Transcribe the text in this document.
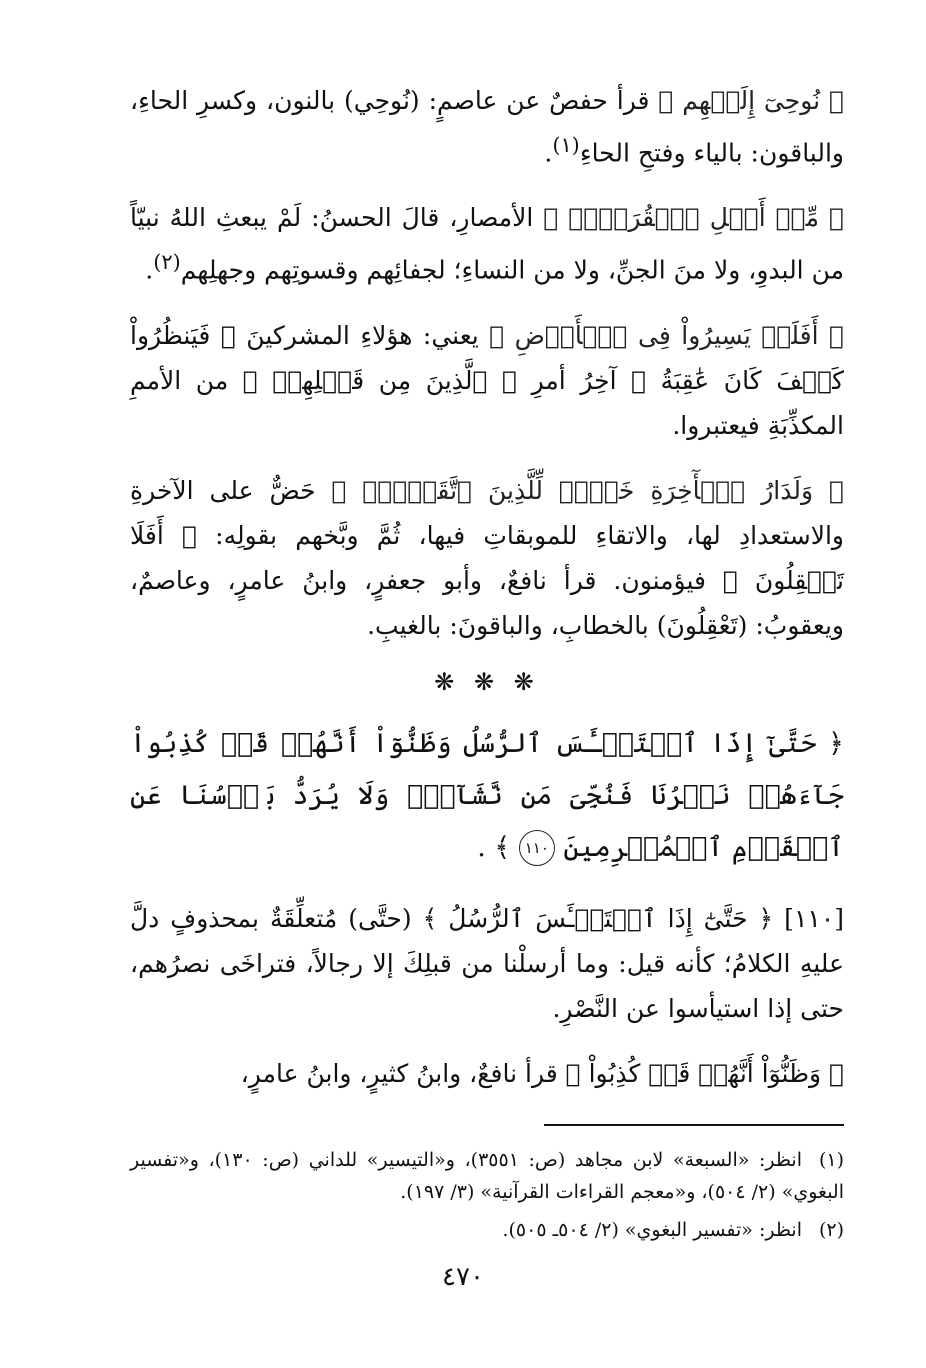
﴿ نُوحِىٓ إِلَيۡهِم ﴾ قرأ حفصٌ عن عاصمٍ: (نُوحِي) بالنون، وكسرِ الحاءِ، والباقون: بالياء وفتحِ الحاءِ$^{(١)}$.

﴿ مِّنۡ أَهۡلِ ٱلۡقُرَىٰٓۗ ﴾ الأمصارِ، قالَ الحسنُ: لَمْ يبعثِ اللهُ نبيّاً من البدوِ، ولا منَ الجنِّ، ولا من النساءِ؛ لجفائِهم وقسوتِهم وجهلِهم$^{(٢)}$.

﴿ أَفَلَمۡ يَسِيرُواْ فِى ٱلۡأَرۡضِ ﴾ يعني: هؤلاءِ المشركينَ ﴿ فَيَنظُرُواْ كَيۡفَ كَانَ عَٰقِبَةُ ﴾ آخِرُ أمرِ ﴿ ٱلَّذِينَ مِن قَبۡلِهِمۡ ﴾ من الأممِ المكذِّبَةِ فيعتبروا.

﴿ وَلَدَارُ ٱلۡأٓخِرَةِ خَيۡرٞ لِّلَّذِينَ ٱتَّقَوۡاْۚ ﴾ حَضٌّ على الآخرةِ والاستعدادِ لها، والاتقاءِ للموبقاتِ فيها، ثُمَّ وبَّخهم بقولِه: ﴿ أَفَلَا تَعۡقِلُونَ ﴾ فيؤمنون. قرأ نافعٌ، وأبو جعفرٍ، وابنُ عامرٍ، وعاصمٌ، ويعقوبُ: (تَعْقِلُونَ) بالخطابِ، والباقونَ: بالغيبِ.

❋ ❋ ❋

﴿ حَتَّىٰٓ إِذَا ٱسۡتَيۡـَٔسَ ٱلرُّسُلُ وَظَنُّوٓاْ أَنَّهُمۡ قَدۡ كُذِبُواْ جَآءَهُمۡ نَصۡرُنَا فَنُجِّىَ مَن نَّشَآءُۖ وَلَا يُرَدُّ بَأۡسُنَا عَنِ ٱلۡقَوۡمِ ٱلۡمُجۡرِمِينَ ١١٠ ﴾ .

[١١٠] ﴿ حَتَّىٰٓ إِذَا ٱسۡتَيۡـَٔسَ ٱلرُّسُلُ ﴾ (حتَّى) مُتعلِّقَةٌ بمحذوفٍ دلَّ عليهِ الكلامُ؛ كأنه قيل: وما أرسلْنا من قبلِكَ إلا رجالاً، فتراخَى نصرُهم، حتى إذا استيأسوا عن النَّصْرِ.

﴿ وَظَنُّوٓاْ أَنَّهُمۡ قَدۡ كُذِبُواْ ﴾ قرأ نافعٌ، وابنُ كثيرٍ، وابنُ عامرٍ،

(١)انظر: «السبعة» لابن مجاهد (ص: ٣٥٥١)، و«التيسير» للداني (ص: ١٣٠)، و«تفسير البغوي» (٢/ ٥٠٤)، و«معجم القراءات القرآنية» (٣/ ١٩٧).
(٢)انظر: «تفسير البغوي» (٢/ ٥٠٤ـ ٥٠٥).
٤٧٠
